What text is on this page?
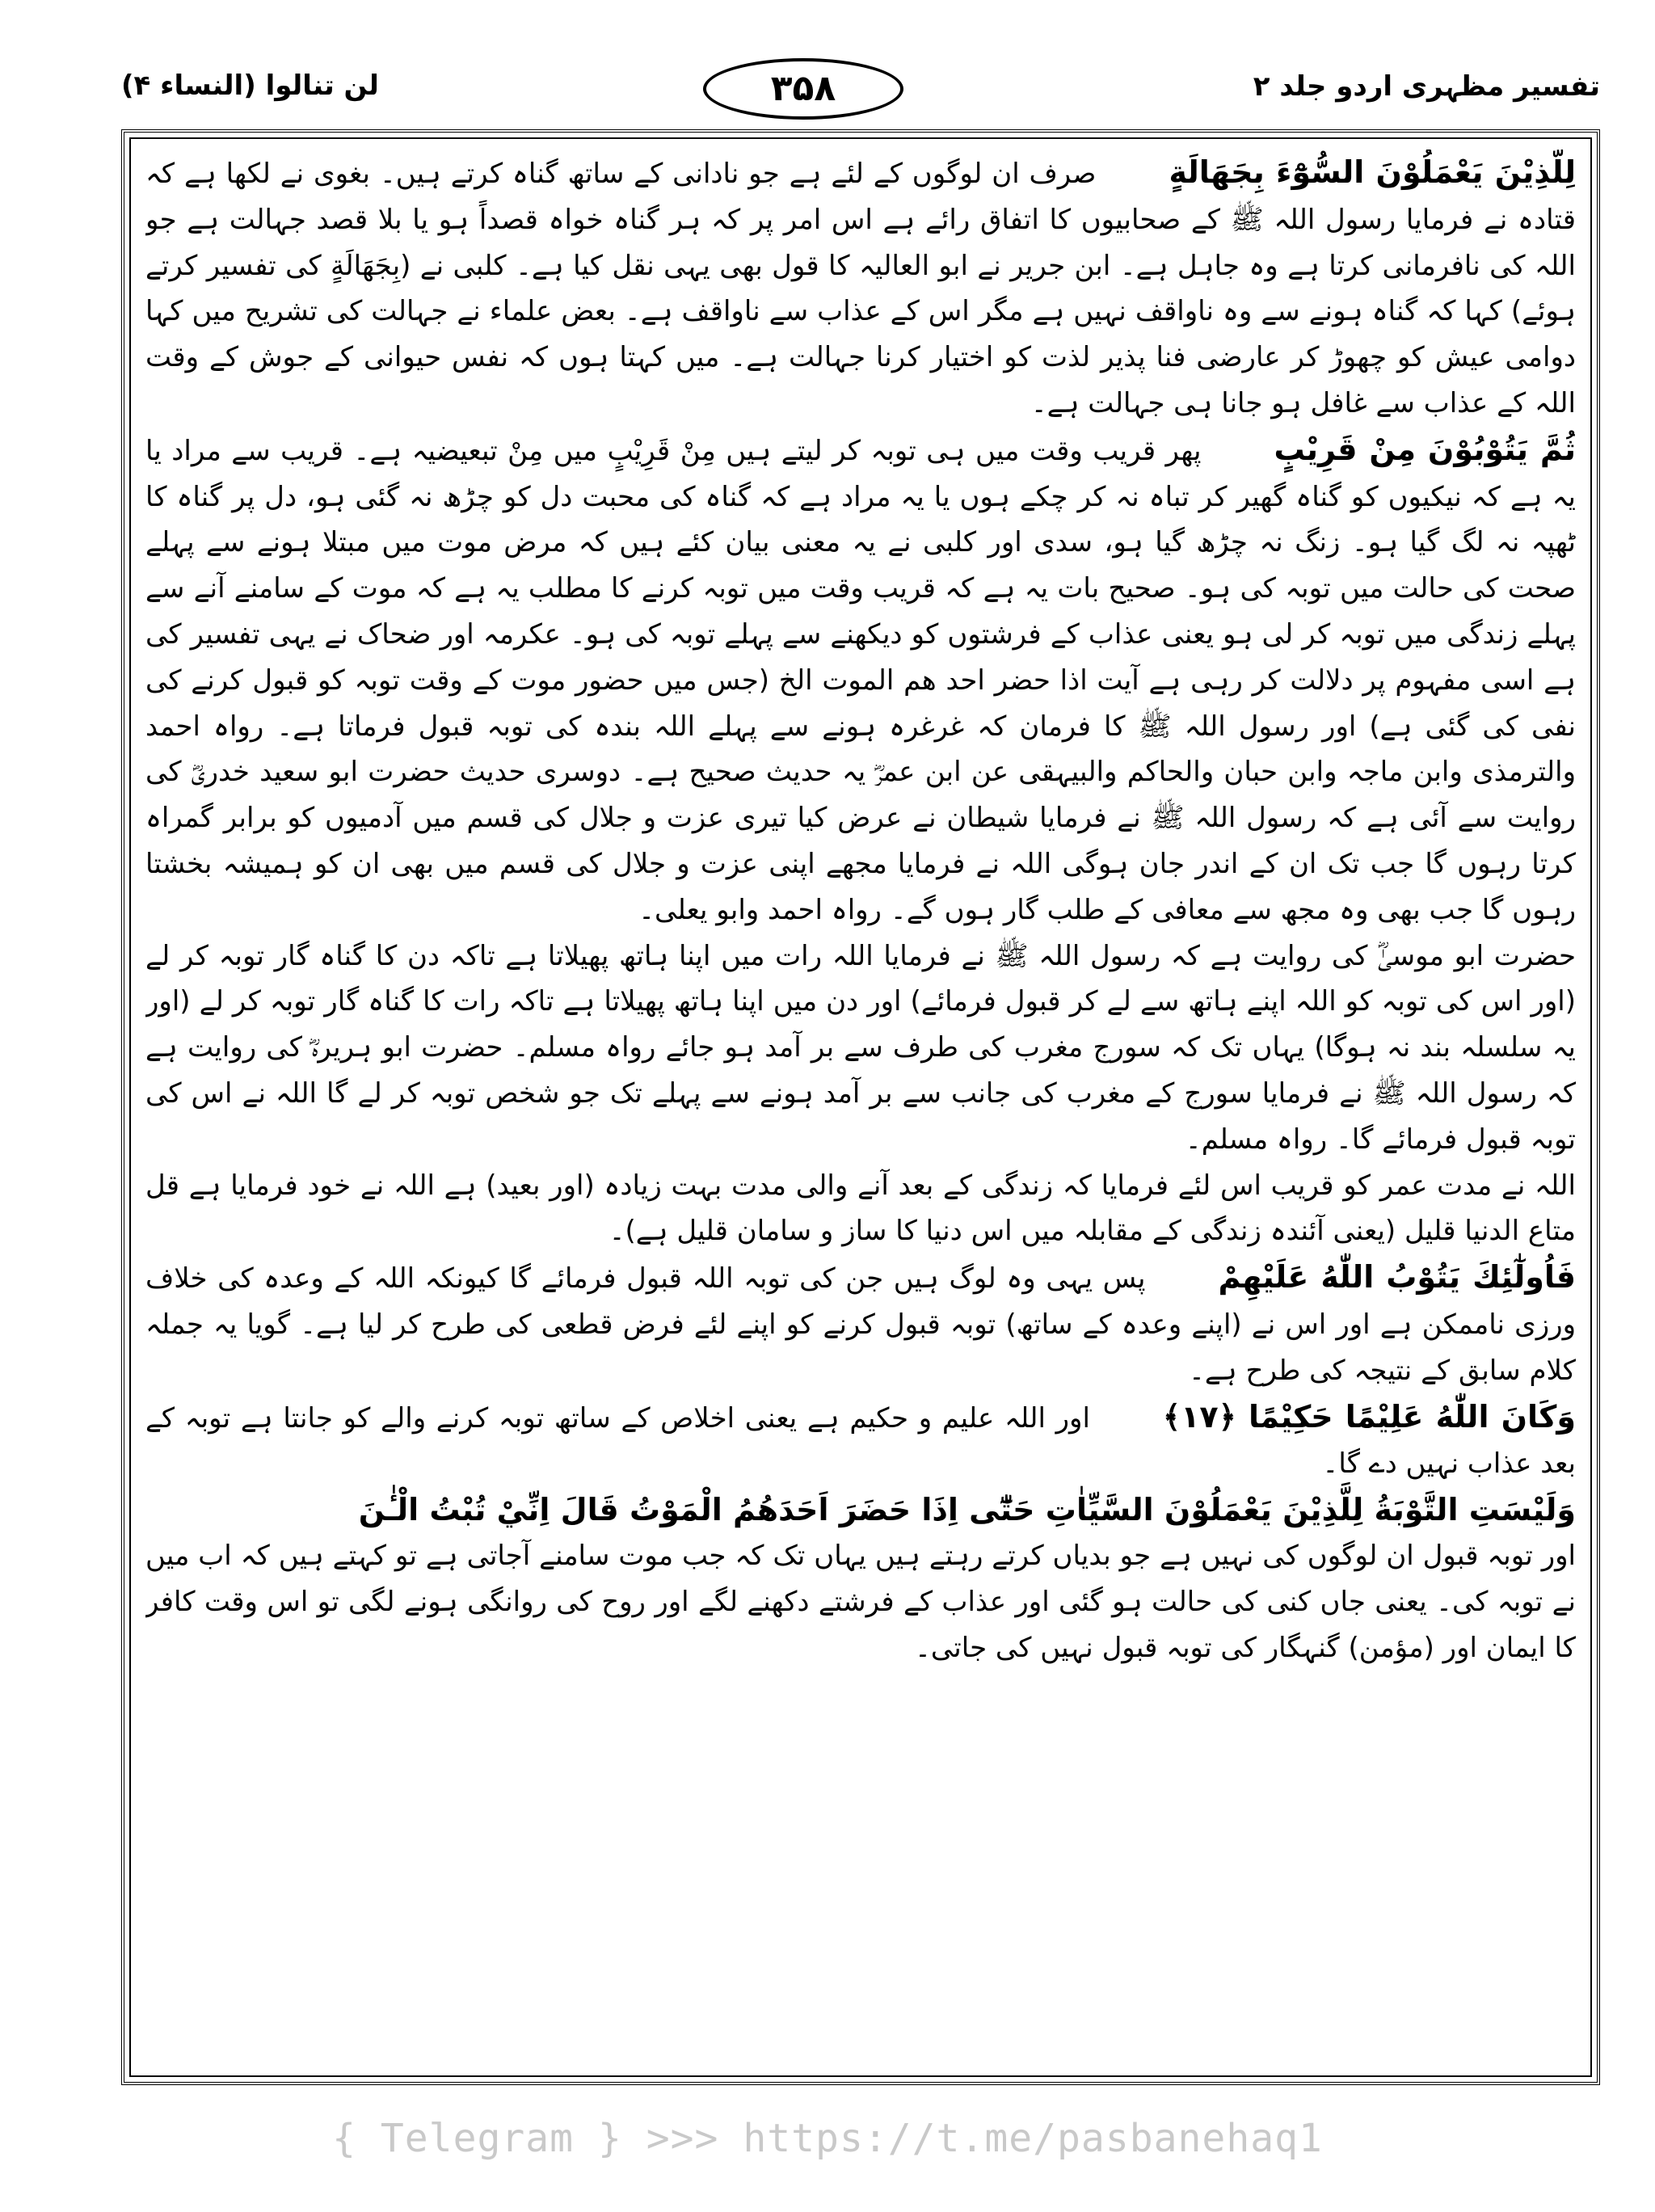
تفسیر مظہری اردو جلد ۲
۳۵۸
لن تنالوا (النساء ۴)

لِلَّذِيْنَ يَعْمَلُوْنَ السُّوْٓءَ بِجَهَالَةٍصرف ان لوگوں کے لئے ہے جو نادانی کے ساتھ گناہ کرتے ہیں۔ بغوی نے لکھا ہے کہ قتادہ نے فرمایا رسول اللہ ﷺ کے صحابیوں کا اتفاق رائے ہے اس امر پر کہ ہر گناہ خواہ قصداً ہو یا بلا قصد جہالت ہے جو اللہ کی نافرمانی کرتا ہے وہ جاہل ہے۔ ابن جریر نے ابو العالیہ کا قول بھی یہی نقل کیا ہے۔ کلبی نے (بِجَهَالَةٍ کی تفسیر کرتے ہوئے) کہا کہ گناہ ہونے سے وہ ناواقف نہیں ہے مگر اس کے عذاب سے ناواقف ہے۔ بعض علماء نے جہالت کی تشریح میں کہا دوامی عیش کو چھوڑ کر عارضی فنا پذیر لذت کو اختیار کرنا جہالت ہے۔ میں کہتا ہوں کہ نفس حیوانی کے جوش کے وقت اللہ کے عذاب سے غافل ہو جانا ہی جہالت ہے۔

ثُمَّ يَتُوْبُوْنَ مِنْ قَرِيْبٍپھر قریب وقت میں ہی توبہ کر لیتے ہیں مِنْ قَرِيْبٍ میں مِنْ تبعیضیہ ہے۔ قریب سے مراد یا یہ ہے کہ نیکیوں کو گناہ گھیر کر تباہ نہ کر چکے ہوں یا یہ مراد ہے کہ گناہ کی محبت دل کو چڑھ نہ گئی ہو، دل پر گناہ کا ٹھپہ نہ لگ گیا ہو۔ زنگ نہ چڑھ گیا ہو، سدی اور کلبی نے یہ معنی بیان کئے ہیں کہ مرض موت میں مبتلا ہونے سے پہلے صحت کی حالت میں توبہ کی ہو۔ صحیح بات یہ ہے کہ قریب وقت میں توبہ کرنے کا مطلب یہ ہے کہ موت کے سامنے آنے سے پہلے زندگی میں توبہ کر لی ہو یعنی عذاب کے فرشتوں کو دیکھنے سے پہلے توبہ کی ہو۔ عکرمہ اور ضحاک نے یہی تفسیر کی ہے اسی مفہوم پر دلالت کر رہی ہے آیت اذا حضر احد هم الموت الخ (جس میں حضور موت کے وقت توبہ کو قبول کرنے کی نفی کی گئی ہے) اور رسول اللہ ﷺ کا فرمان کہ غرغرہ ہونے سے پہلے اللہ بندہ کی توبہ قبول فرماتا ہے۔ رواہ احمد والترمذی وابن ماجہ وابن حبان والحاکم والبیہقی عن ابن عمرؓ یہ حدیث صحیح ہے۔ دوسری حدیث حضرت ابو سعید خدریؓ کی روایت سے آئی ہے کہ رسول اللہ ﷺ نے فرمایا شیطان نے عرض کیا تیری عزت و جلال کی قسم میں آدمیوں کو برابر گمراہ کرتا رہوں گا جب تک ان کے اندر جان ہوگی اللہ نے فرمایا مجھے اپنی عزت و جلال کی قسم میں بھی ان کو ہمیشہ بخشتا رہوں گا جب بھی وہ مجھ سے معافی کے طلب گار ہوں گے۔ رواہ احمد وابو یعلی۔

حضرت ابو موسیٰؓ کی روایت ہے کہ رسول اللہ ﷺ نے فرمایا اللہ رات میں اپنا ہاتھ پھیلاتا ہے تاکہ دن کا گناہ گار توبہ کر لے (اور اس کی توبہ کو اللہ اپنے ہاتھ سے لے کر قبول فرمائے) اور دن میں اپنا ہاتھ پھیلاتا ہے تاکہ رات کا گناہ گار توبہ کر لے (اور یہ سلسلہ بند نہ ہوگا) یہاں تک کہ سورج مغرب کی طرف سے بر آمد ہو جائے رواہ مسلم۔ حضرت ابو ہریرہؓ کی روایت ہے کہ رسول اللہ ﷺ نے فرمایا سورج کے مغرب کی جانب سے بر آمد ہونے سے پہلے تک جو شخص توبہ کر لے گا اللہ نے اس کی توبہ قبول فرمائے گا۔ رواہ مسلم۔

اللہ نے مدت عمر کو قریب اس لئے فرمایا کہ زندگی کے بعد آنے والی مدت بہت زیادہ (اور بعید) ہے اللہ نے خود فرمایا ہے قل متاع الدنیا قلیل (یعنی آئندہ زندگی کے مقابلہ میں اس دنیا کا ساز و سامان قلیل ہے)۔

فَاُولٰٓئِكَ يَتُوْبُ اللّٰهُ عَلَيْهِمْپس یہی وہ لوگ ہیں جن کی توبہ اللہ قبول فرمائے گا کیونکہ اللہ کے وعدہ کی خلاف ورزی ناممکن ہے اور اس نے (اپنے وعدہ کے ساتھ) توبہ قبول کرنے کو اپنے لئے فرض قطعی کی طرح کر لیا ہے۔ گویا یہ جملہ کلام سابق کے نتیجہ کی طرح ہے۔

وَكَانَ اللّٰهُ عَلِيْمًا حَكِيْمًا ﴿۱۷﴾اور اللہ علیم و حکیم ہے یعنی اخلاص کے ساتھ توبہ کرنے والے کو جانتا ہے توبہ کے بعد عذاب نہیں دے گا۔

وَلَيْسَتِ التَّوْبَةُ لِلَّذِيْنَ يَعْمَلُوْنَ السَّيِّاٰتِ حَتّٰٓى اِذَا حَضَرَ اَحَدَهُمُ الْمَوْتُ قَالَ اِنِّيْ تُبْتُ الْـٰٔنَ

اور توبہ قبول ان لوگوں کی نہیں ہے جو بدیاں کرتے رہتے ہیں یہاں تک کہ جب موت سامنے آجاتی ہے تو کہتے ہیں کہ اب میں نے توبہ کی۔ یعنی جاں کنی کی حالت ہو گئی اور عذاب کے فرشتے دکھنے لگے اور روح کی روانگی ہونے لگی تو اس وقت کافر کا ایمان اور (مؤمن) گنہگار کی توبہ قبول نہیں کی جاتی۔

{ Telegram } >>> https://t.me/pasbanehaq1
